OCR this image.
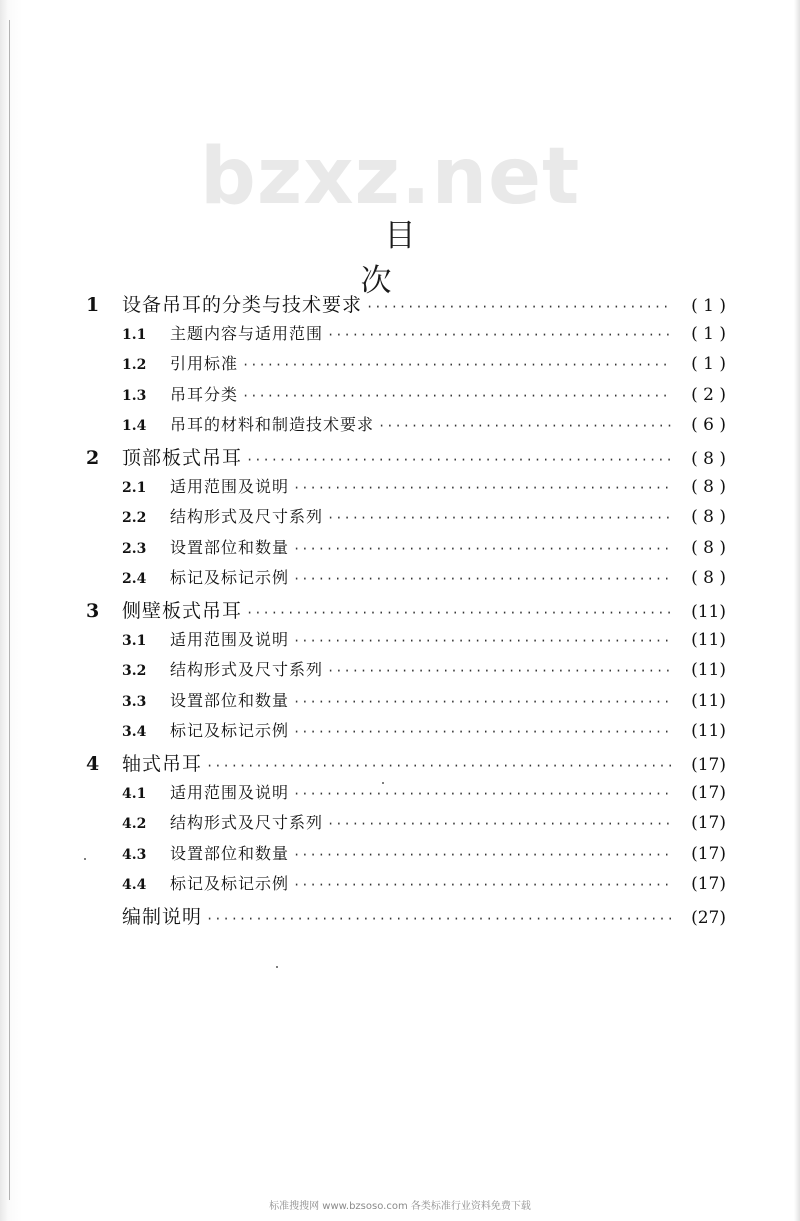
bzxz.net
目 次
1	设备吊耳的分类与技术要求 ·····	( 1 )
1.1	主题内容与适用范围 ·····	( 1 )
1.2	引用标准 ·····	( 1 )
1.3	吊耳分类 ·····	( 2 )
1.4	吊耳的材料和制造技术要求 ·····	( 6 )
2	顶部板式吊耳 ·····	( 8 )
2.1	适用范围及说明 ·····	( 8 )
2.2	结构形式及尺寸系列 ·····	( 8 )
2.3	设置部位和数量 ·····	( 8 )
2.4	标记及标记示例 ·····	( 8 )
3	侧壁板式吊耳 ·····	(11)
3.1	适用范围及说明 ·····	(11)
3.2	结构形式及尺寸系列 ·····	(11)
3.3	设置部位和数量 ·····	(11)
3.4	标记及标记示例 ·····	(11)
4	轴式吊耳 ·····	(17)
4.1	适用范围及说明 ·····	(17)
4.2	结构形式及尺寸系列 ·····	(17)
4.3	设置部位和数量 ·····	(17)
4.4	标记及标记示例 ·····	(17)
编制说明 ·····	(27)
标准搜搜网 www.bzsoso.com 各类标准行业资料免费下载
